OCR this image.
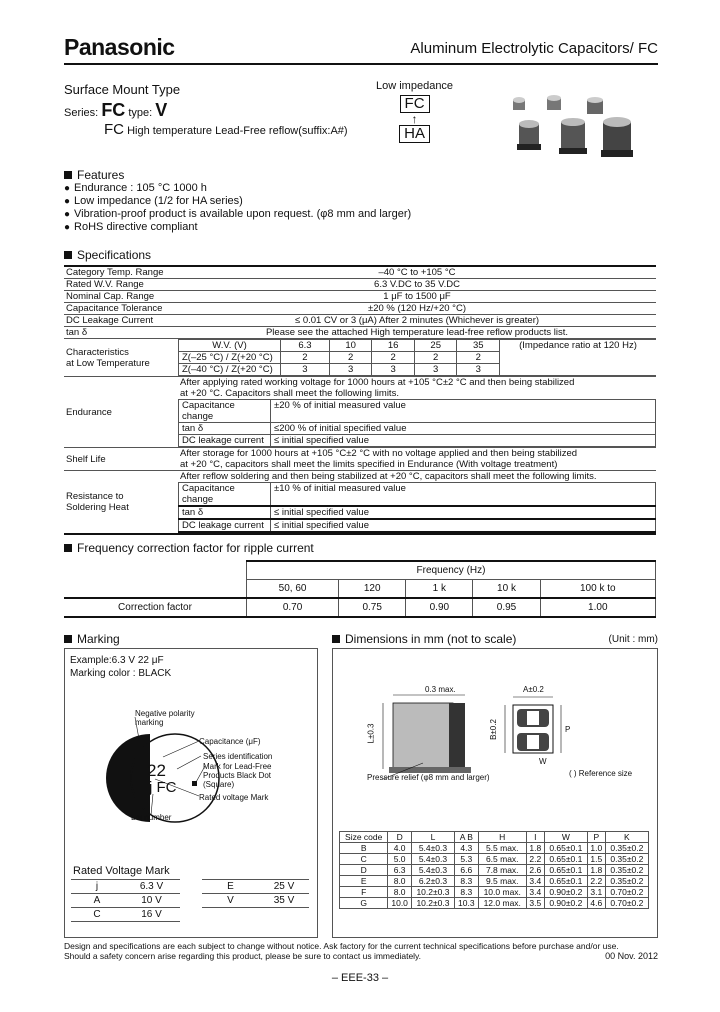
Panasonic	Aluminum Electrolytic Capacitors/ FC
Surface Mount Type
Series: FC type: V
FC High temperature Lead-Free reflow(suffix:A#)
Low impedance
FC
↑
HA
Features
● Endurance : 105 °C 1000 h
● Low impedance (1/2 for HA series)
● Vibration-proof product is available upon request. (φ8 mm and larger)
● RoHS directive compliant
Specifications
Category Temp. Range	–40 °C to +105 °C
Rated W.V. Range	6.3 V.DC to 35 V.DC
Nominal Cap. Range	1 μF to 1500 μF
Capacitance Tolerance	±20 % (120 Hz/+20 °C)
DC Leakage Current	≤ 0.01 CV or 3 (μA) After 2 minutes (Whichever is greater)
tan δ	Please see the attached High temperature lead-free reflow products list.

Characteristics
at Low Temperature

W.V. (V)	6.3	10	16	25	35	(Impedance ratio at 120 Hz)
Z(–25 °C) / Z(+20 °C)	2	2	2	2	2
Z(–40 °C) / Z(+20 °C)	3	3	3	3	3

Endurance	
After applying rated working voltage for 1000 hours at +105 °C±2 °C and then being stabilized
at +20 °C. Capacitors shall meet the following limits.
Capacitance change	±20 % of initial measured value
tan δ	≤200 % of initial specified value
DC leakage current	≤ initial specified value

Shelf Life	After storage for 1000 hours at +105 °C±2 °C with no voltage applied and then being stabilized
at +20 °C, capacitors shall meet the limits specified in Endurance (With voltage treatment)

Resistance to
Soldering Heat

After reflow soldering and then being stabilized at +20 °C, capacitors shall meet the following limits.
Capacitance change	±10 % of initial measured value
tan δ	≤ initial specified value
DC leakage current	≤ initial specified value
Frequency correction factor for ripple current
	Frequency (Hz)				
	50, 60	120	1 k	10 k	100 k to
Correction factor	0.70	0.75	0.90	0.95	1.00
Marking
Example:6.3 V 22 μF
Marking color : BLACK
22
j FC
Negative polarity
marking
Capacitance (μF)
Series identification
Mark for Lead-Free
Products Black Dot
(Square)
Rated voltage Mark
Lot number
Rated Voltage Mark
j	6.3 V		E	25 V
A	10 V		V	35 V
C	16 V			
Dimensions in mm (not to scale)	(Unit : mm)
0.3 max.
L±0.3
Pressure relief (φ8 mm and larger)
A±0.2
B±0.2
W
P
( ) Reference size
Size code	D	L	A B	H	I	W	P	K
B	4.0	5.4±0.3	4.3	5.5 max.	1.8	0.65±0.1	1.0	0.35±0.2
C	5.0	5.4±0.3	5.3	6.5 max.	2.2	0.65±0.1	1.5	0.35±0.2
D	6.3	5.4±0.3	6.6	7.8 max.	2.6	0.65±0.1	1.8	0.35±0.2
E	8.0	6.2±0.3	8.3	9.5 max.	3.4	0.65±0.1	2.2	0.35±0.2
F	8.0	10.2±0.3	8.3	10.0 max.	3.4	0.90±0.2	3.1	0.70±0.2
G	10.0	10.2±0.3	10.3	12.0 max.	3.5	0.90±0.2	4.6	0.70±0.2
Design and specifications are each subject to change without notice. Ask factory for the current technical specifications before purchase and/or use.
Should a safety concern arise regarding this product, please be sure to contact us immediately.	00 Nov. 2012
– EEE-33 –
